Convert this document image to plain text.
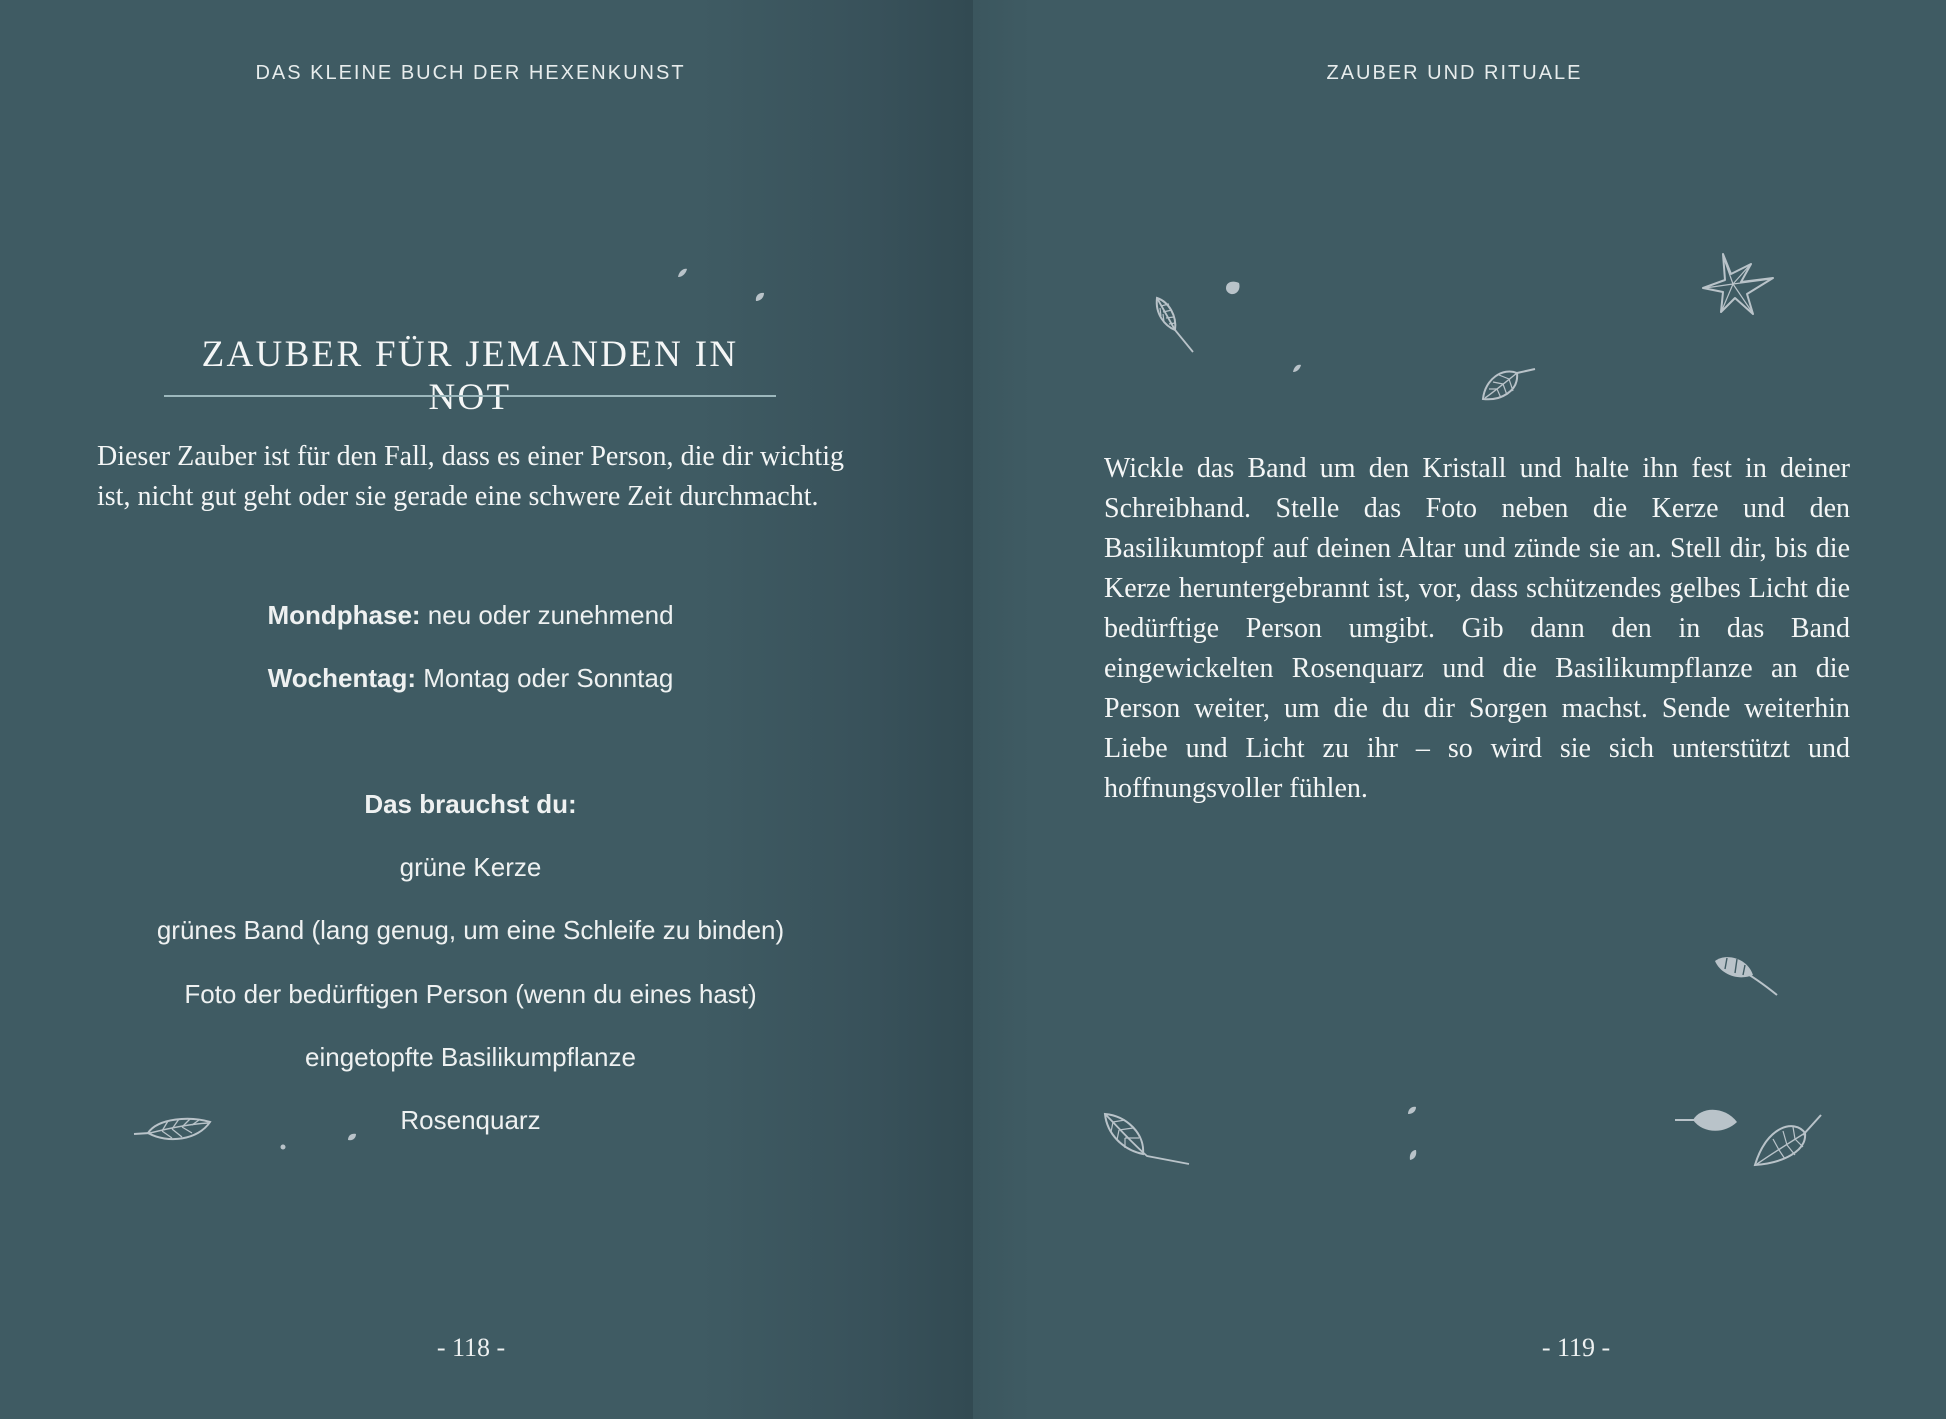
DAS KLEINE BUCH DER HEXENKUNST
ZAUBER FÜR JEMANDEN IN NOT
Dieser Zauber ist für den Fall, dass es einer Person, die dir wichtig ist, nicht gut geht oder sie gerade eine schwere Zeit durchmacht.
Mondphase: neu oder zunehmend
Wochentag: Montag oder Sonntag
Das brauchst du:
grüne Kerze
grünes Band (lang genug, um eine Schleife zu binden)
Foto der bedürftigen Person (wenn du eines hast)
eingetopfte Basilikumpflanze
Rosenquarz
- 118 -
ZAUBER UND RITUALE
Wickle das Band um den Kristall und halte ihn fest in deiner Schreibhand. Stelle das Foto neben die Kerze und den Basilikumtopf auf deinen Altar und zünde sie an. Stell dir, bis die Kerze heruntergebrannt ist, vor, dass schützendes gelbes Licht die bedürftige Person umgibt. Gib dann den in das Band eingewickelten Rosenquarz und die Basilikumpflanze an die Person weiter, um die du dir Sorgen machst. Sende weiterhin Liebe und Licht zu ihr – so wird sie sich unterstützt und hoffnungsvoller fühlen.
- 119 -
